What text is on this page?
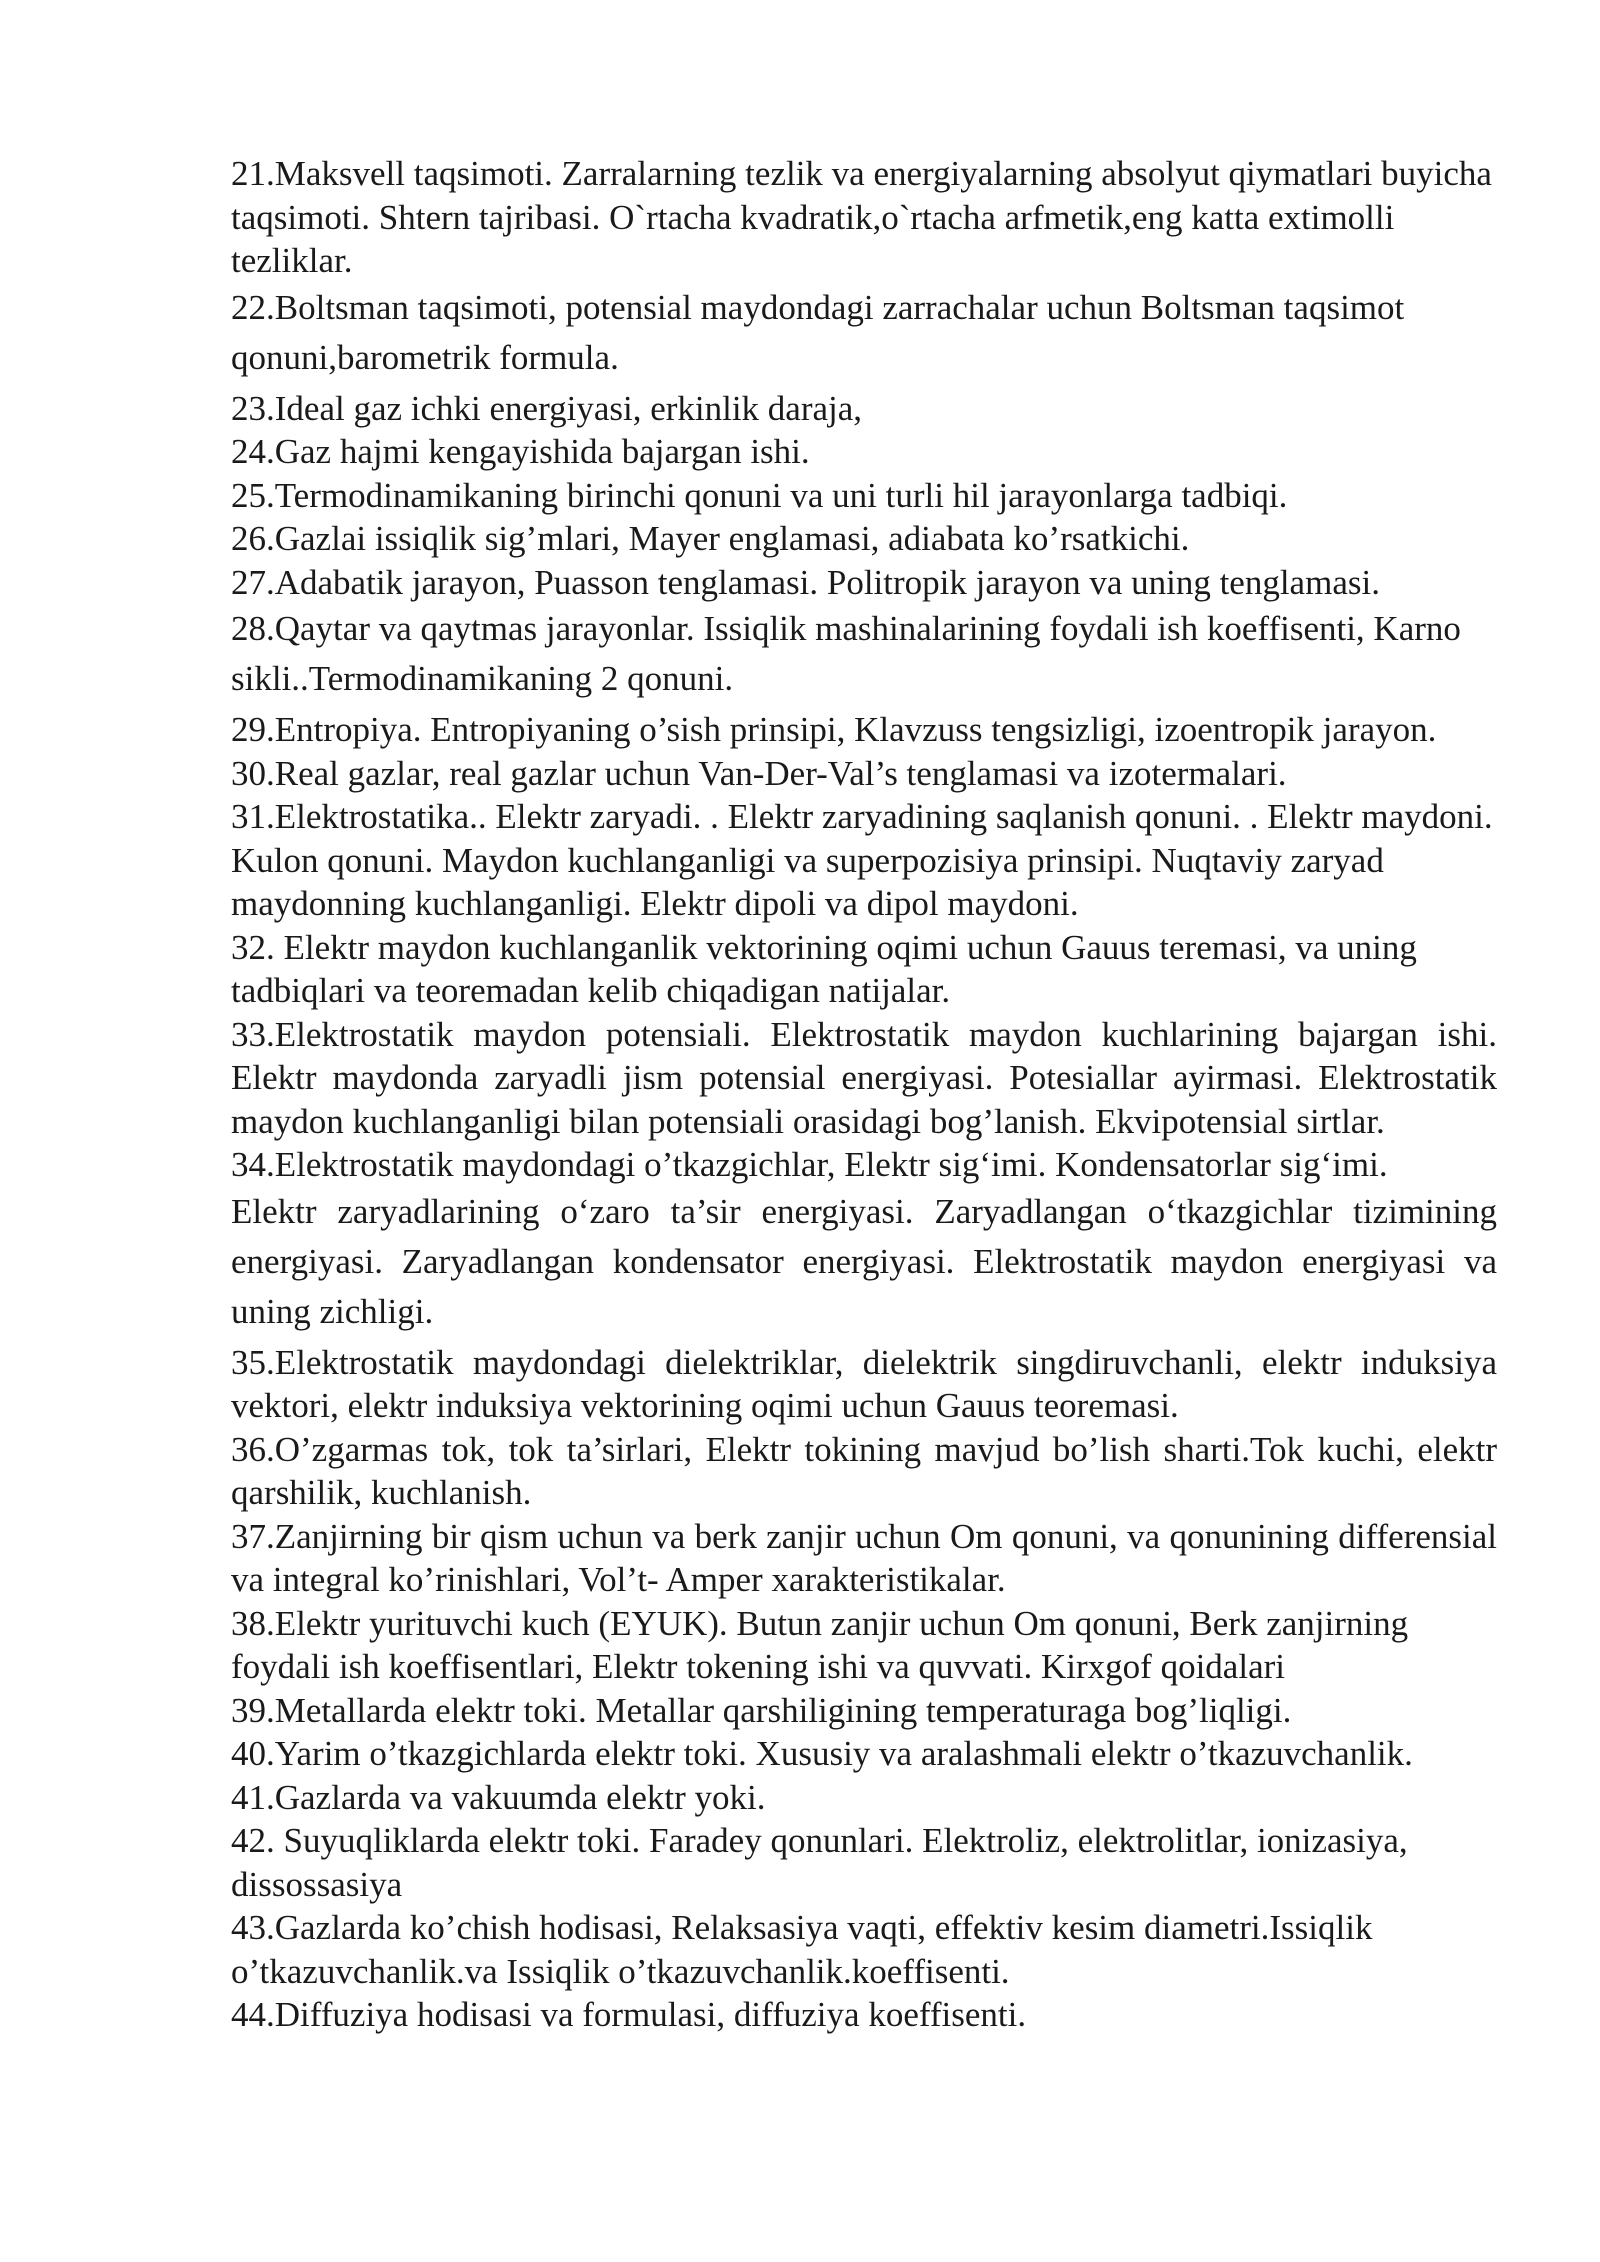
21.Maksvell taqsimoti. Zarralarning tezlik va energiyalarning absolyut qiymatlari buyicha taqsimoti. Shtern tajribasi. O`rtacha kvadratik,o`rtacha arfmetik,eng katta extimolli tezliklar.

22.Boltsman taqsimoti, potensial maydondagi zarrachalar uchun Boltsman taqsimot qonuni,barometrik formula.

23.Ideal gaz ichki energiyasi, erkinlik daraja,

24.Gaz hajmi kengayishida bajargan ishi.

25.Termodinamikaning birinchi qonuni va uni turli hil jarayonlarga tadbiqi.

26.Gazlai issiqlik sig’mlari, Mayer englamasi, adiabata ko’rsatkichi.

27.Adabatik jarayon, Puasson tenglamasi. Politropik jarayon va uning tenglamasi.

28.Qaytar va qaytmas jarayonlar. Issiqlik mashinalarining foydali ish koeffisenti, Karno sikli..Termodinamikaning 2 qonuni.

29.Entropiya. Entropiyaning o’sish prinsipi, Klavzuss tengsizligi, izoentropik jarayon.

30.Real gazlar, real gazlar uchun Van-Der-Val’s tenglamasi va izotermalari.

31.Elektrostatika.. Elektr zaryadi. . Elektr zaryadining saqlanish qonuni. . Elektr maydoni. Kulon qonuni. Maydon kuchlanganligi va superpozisiya prinsipi. Nuqtaviy zaryad maydonning kuchlanganligi. Elektr dipoli va dipol maydoni.

32. Elektr maydon kuchlanganlik vektorining oqimi uchun Gauus teremasi, va uning tadbiqlari va teoremadan kelib chiqadigan natijalar.

33.Elektrostatik maydon potensiali. Elektrostatik maydon kuchlarining bajargan ishi. Elektr maydonda zaryadli jism potensial energiyasi. Potesiallar ayirmasi. Elektrostatik maydon kuchlanganligi bilan potensiali orasidagi bog’lanish. Ekvipotensial sirtlar.

34.Elektrostatik maydondagi o’tkazgichlar, Elektr sig‘imi. Kondensatorlar sig‘imi.

Elektr zaryadlarining o‘zaro ta’sir energiyasi. Zaryadlangan o‘tkazgichlar tizimining energiyasi. Zaryadlangan kondensator energiyasi. Elektrostatik maydon energiyasi va uning zichligi.

35.Elektrostatik maydondagi dielektriklar, dielektrik singdiruvchanli, elektr induksiya vektori, elektr induksiya vektorining oqimi uchun Gauus teoremasi.

36.O’zgarmas tok, tok ta’sirlari, Elektr tokining mavjud bo’lish sharti.Tok kuchi, elektr qarshilik, kuchlanish.

37.Zanjirning bir qism uchun va berk zanjir uchun Om qonuni, va qonunining differensial va integral ko’rinishlari, Vol’t- Amper xarakteristikalar.

38.Elektr yurituvchi kuch (EYUK). Butun zanjir uchun Om qonuni, Berk zanjirning foydali ish koeffisentlari, Elektr tokening ishi va quvvati. Kirxgof qoidalari

39.Metallarda elektr toki. Metallar qarshiligining temperaturaga bog’liqligi.

40.Yarim o’tkazgichlarda elektr toki. Xususiy va aralashmali elektr o’tkazuvchanlik.

41.Gazlarda va vakuumda elektr yoki.

42. Suyuqliklarda elektr toki. Faradey qonunlari. Elektroliz, elektrolitlar, ionizasiya, dissossasiya

43.Gazlarda ko’chish hodisasi, Relaksasiya vaqti, effektiv kesim diametri.Issiqlik o’tkazuvchanlik.va Issiqlik o’tkazuvchanlik.koeffisenti.

44.Diffuziya hodisasi va formulasi, diffuziya koeffisenti.
